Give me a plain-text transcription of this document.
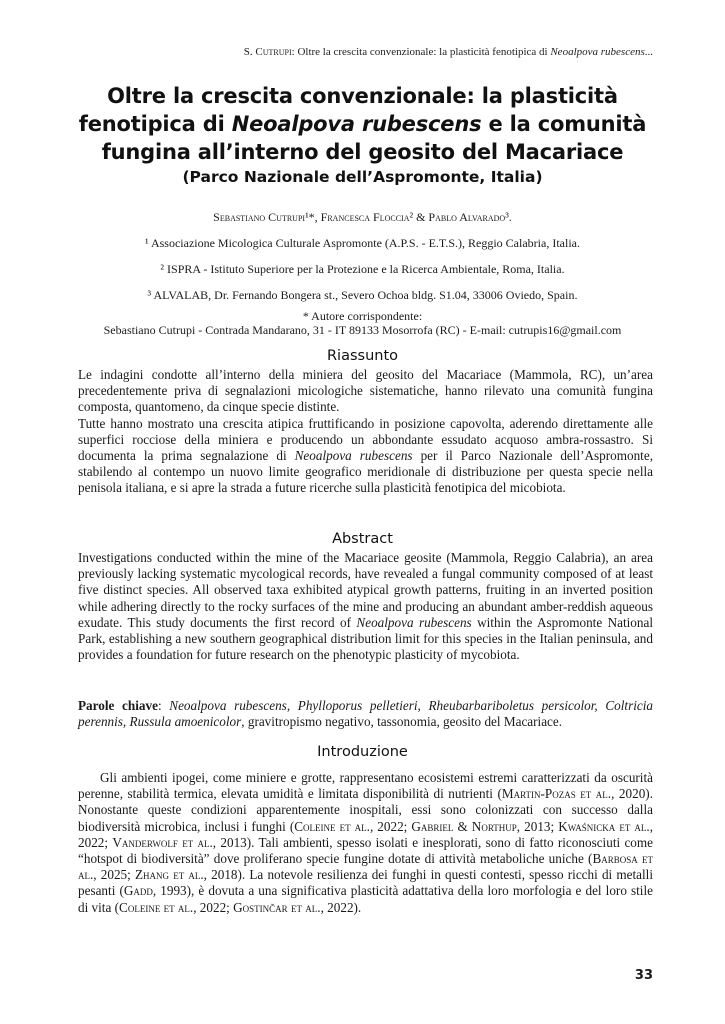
S. Cutrupi: Oltre la crescita convenzionale: la plasticità fenotipica di Neoalpova rubescens...
Oltre la crescita convenzionale: la plasticità
fenotipica di Neoalpova rubescens e la comunità
fungina all’interno del geosito del Macariace
(Parco Nazionale dell’Aspromonte, Italia)
Sebastiano Cutrupi¹*, Francesca Floccia² & Pablo Alvarado³.
¹ Associazione Micologica Culturale Aspromonte (A.P.S. - E.T.S.), Reggio Calabria, Italia.
² ISPRA - Istituto Superiore per la Protezione e la Ricerca Ambientale, Roma, Italia.
³ ALVALAB, Dr. Fernando Bongera st., Severo Ochoa bldg. S1.04, 33006 Oviedo, Spain.
* Autore corrispondente:
Sebastiano Cutrupi - Contrada Mandarano, 31 - IT 89133 Mosorrofa (RC) - E-mail: cutrupis16@gmail.com
Riassunto
Le indagini condotte all’interno della miniera del geosito del Macariace (Mammola, RC), un’area precedentemente priva di segnalazioni micologiche sistematiche, hanno rilevato una comunità fungina composta, quantomeno, da cinque specie distinte.
Tutte hanno mostrato una crescita atipica fruttificando in posizione capovolta, aderendo direttamente alle superfici rocciose della miniera e producendo un abbondante essudato acquoso ambra-rossastro. Si documenta la prima segnalazione di Neoalpova rubescens per il Parco Nazionale dell’Aspromonte, stabilendo al contempo un nuovo limite geografico meridionale di distribuzione per questa specie nella penisola italiana, e si apre la strada a future ricerche sulla plasticità fenotipica del micobiota.
Abstract
Investigations conducted within the mine of the Macariace geosite (Mammola, Reggio Calabria), an area previously lacking systematic mycological records, have revealed a fungal community composed of at least five distinct species. All observed taxa exhibited atypical growth patterns, fruiting in an inverted position while adhering directly to the rocky surfaces of the mine and producing an abundant amber-reddish aqueous exudate. This study documents the first record of Neoalpova rubescens within the Aspromonte National Park, establishing a new southern geographical distribution limit for this species in the Italian peninsula, and provides a foundation for future research on the phenotypic plasticity of mycobiota.
Parole chiave: Neoalpova rubescens, Phylloporus pelletieri, Rheubarbariboletus persicolor, Coltricia perennis, Russula amoenicolor, gravitropismo negativo, tassonomia, geosito del Macariace.
Introduzione
Gli ambienti ipogei, come miniere e grotte, rappresentano ecosistemi estremi caratterizzati da oscurità perenne, stabilità termica, elevata umidità e limitata disponibilità di nutrienti (Martin-Pozas et al., 2020). Nonostante queste condizioni apparentemente inospitali, essi sono colonizzati con successo dalla biodiversità microbica, inclusi i funghi (Coleine et al., 2022; Gabriel & Northup, 2013; Kwaśnicka et al., 2022; Vanderwolf et al., 2013). Tali ambienti, spesso isolati e inesplorati, sono di fatto riconosciuti come “hotspot di biodiversità” dove proliferano specie fungine dotate di attività metaboliche uniche (Barbosa et al., 2025; Zhang et al., 2018). La notevole resilienza dei funghi in questi contesti, spesso ricchi di metalli pesanti (Gadd, 1993), è dovuta a una significativa plasticità adattativa della loro morfologia e del loro stile di vita (Coleine et al., 2022; Gostinčar et al., 2022).
33
